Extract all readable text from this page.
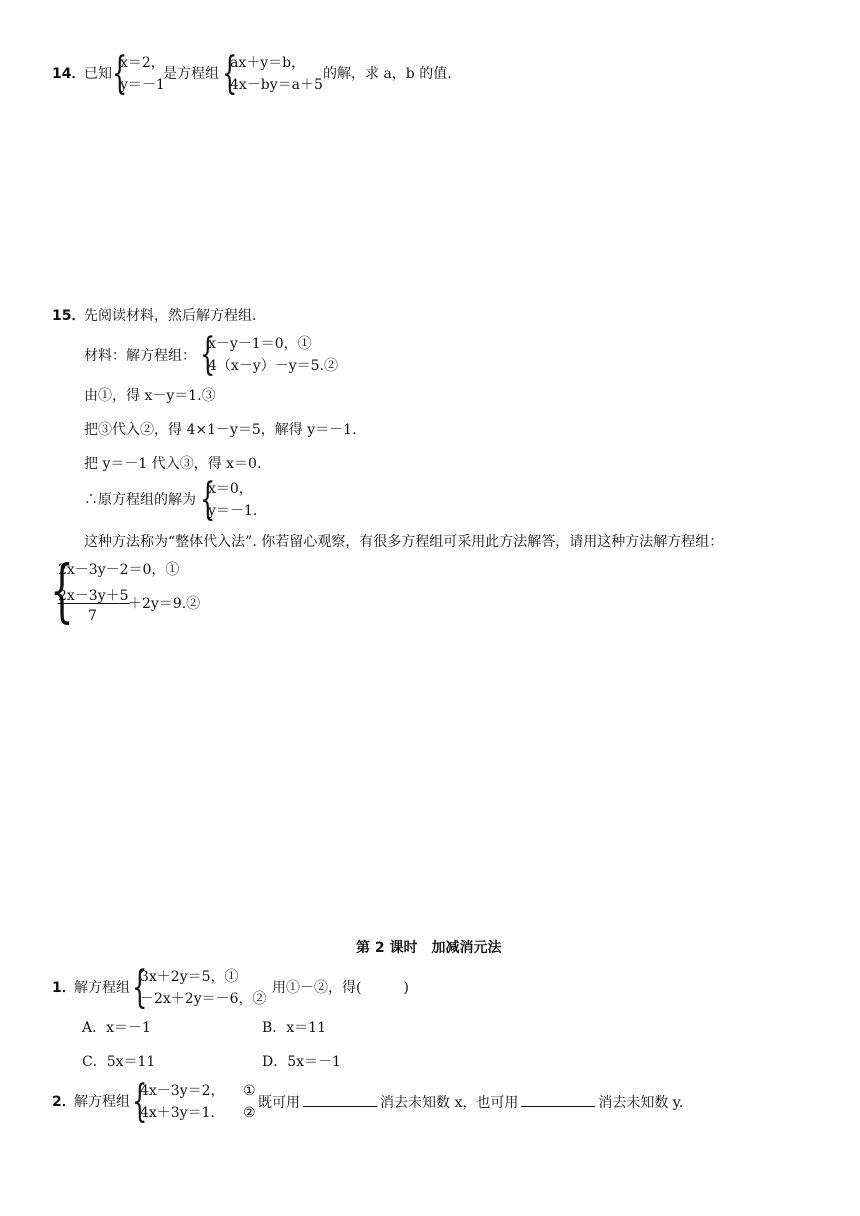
14．
已知 {
x＝2，
y＝－1
是方程组 {
ax＋y＝b，
4x－by＝a＋5
的解，求 a，b 的值.
15．
先阅读材料，然后解方程组.
材料：解方程组： {
x－y－1＝0，①
4（x－y）－y＝5.②
由①，得 x－y＝1.③
把③代入②，得 4×1－y＝5，解得 y＝－1.
把 y＝－1 代入③，得 x＝0.
∴原方程组的解为 {
x＝0，
y＝－1.
这种方法称为“整体代入法”. 你若留心观察，有很多方程组可采用此方法解答，请用这种方法解方程组：
{
2x－3y－2＝0，①
2x－3y＋5
7
＋2y＝9.②
第 2 课时　加减消元法
1．
解方程组 {
3x＋2y＝5，①
－2x＋2y＝－6，②
用①－②，得(　　　)
A．x＝－1	B．x＝11
C．5x＝11	D．5x＝－1
2．
解方程组 {
4x－3y＝2，
4x＋3y＝1.
①
②
既可用	消去未知数 x，也可用	消去未知数 y.
